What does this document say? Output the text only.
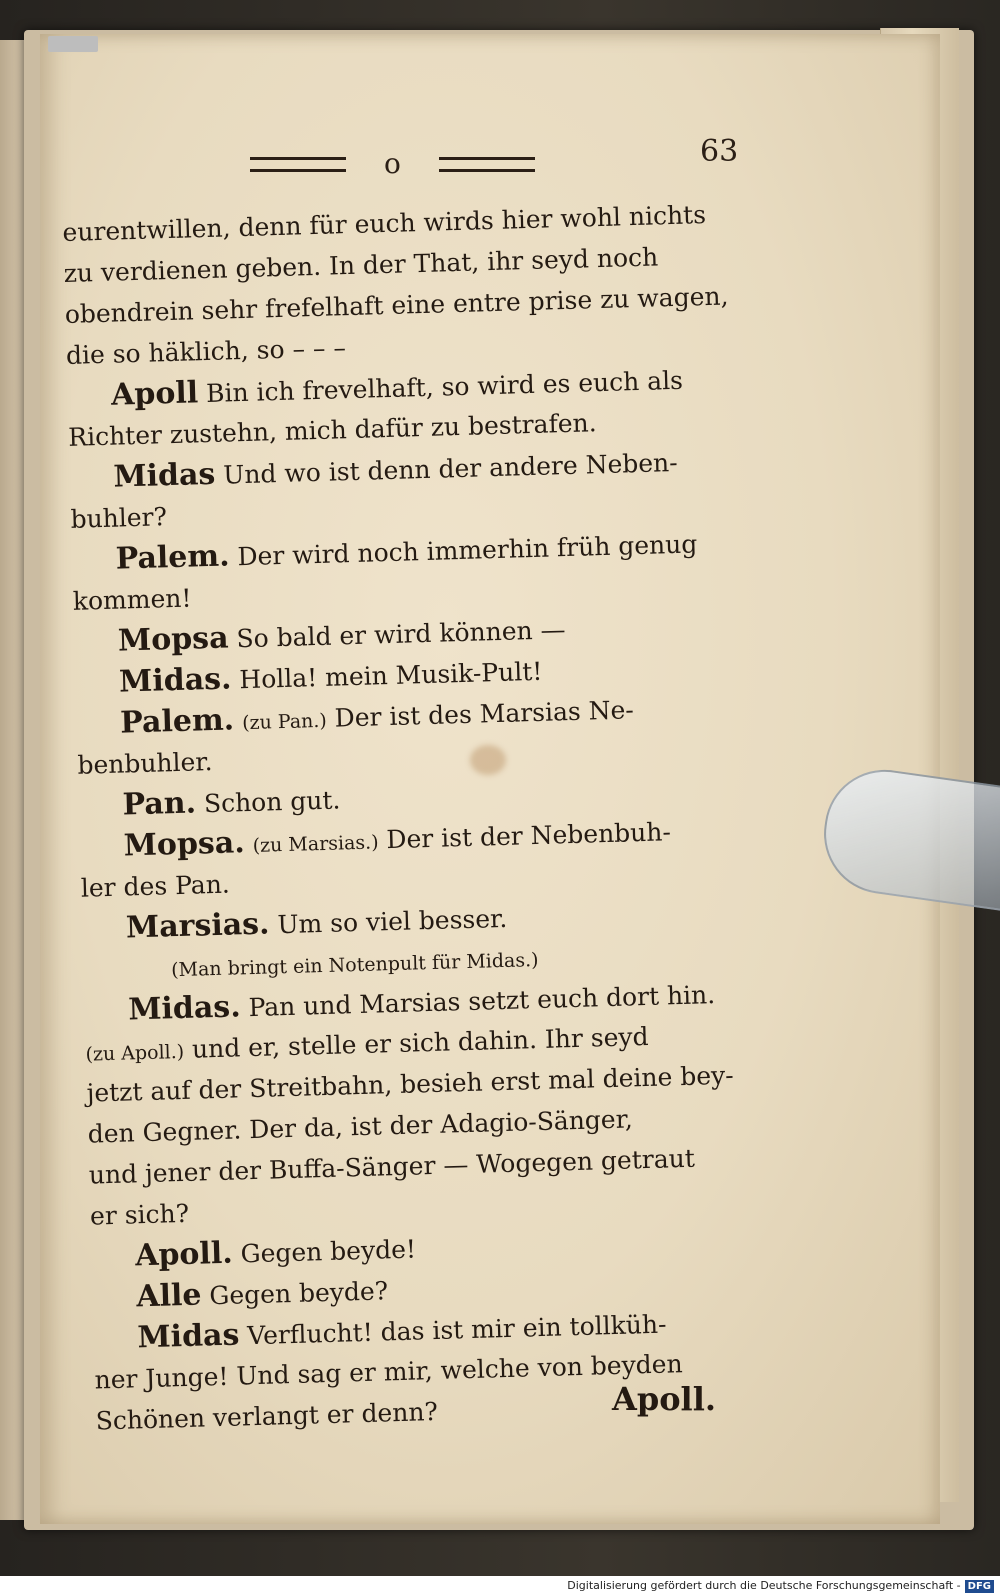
o	63
eurentwillen, denn für euch wirds hier wohl nichts
zu verdienen geben. In der That, ihr seyd noch
obendrein sehr frefelhaft eine entre prise zu wagen,
die so häklich, so – – –
Apoll Bin ich frevelhaft, so wird es euch als
Richter zustehn, mich dafür zu bestrafen.
Midas Und wo ist denn der andere Neben-
buhler?
Palem. Der wird noch immerhin früh genug
kommen!
Mopsa So bald er wird können —
Midas. Holla! mein Musik-Pult!
Palem. (zu Pan.) Der ist des Marsias Ne-
benbuhler.
Pan. Schon gut.
Mopsa. (zu Marsias.) Der ist der Nebenbuh-
ler des Pan.
Marsias. Um so viel besser.
(Man bringt ein Notenpult für Midas.)
Midas. Pan und Marsias setzt euch dort hin.
(zu Apoll.) und er, stelle er sich dahin. Ihr seyd
jetzt auf der Streitbahn, besieh erst mal deine bey-
den Gegner. Der da, ist der Adagio-Sänger,
und jener der Buffa-Sänger — Wogegen getraut
er sich?
Apoll. Gegen beyde!
Alle Gegen beyde?
Midas Verflucht! das ist mir ein tollküh-
ner Junge! Und sag er mir, welche von beyden
Schönen verlangt er denn?	Apoll.
Digitalisierung gefördert durch die Deutsche Forschungsgemeinschaft - DFG
